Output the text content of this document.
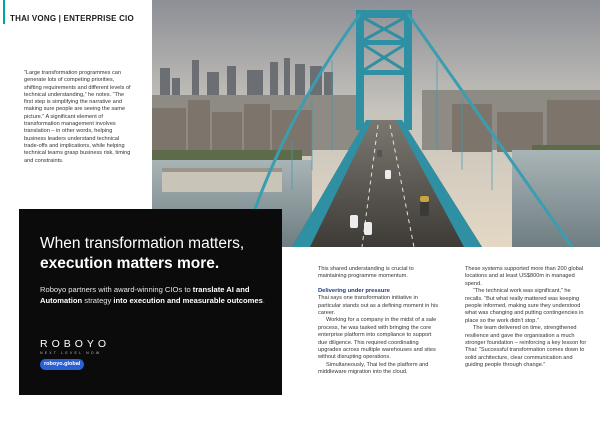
THAI VONG | ENTERPRISE CIO
“Large transformation programmes can generate lots of competing priorities, shifting requirements and different levels of technical understanding,” he notes. “The first step is simplifying the narrative and making sure people are seeing the same picture.” A significant element of transformation management involves translation – in other words, helping business leaders understand technical trade-offs and implications, while helping technical teams grasp business risk, timing and constraints.
When transformation matters,
execution matters more.
Roboyo partners with award-winning CIOs to translate AI and Automation strategy into execution and measurable outcomes.
ROBOYO
NEXT LEVEL NOW
roboyo.global
This shared understanding is crucial to maintaining programme momentum.
Delivering under pressure
Thai says one transformation initiative in particular stands out as a defining moment in his career.
Working for a company in the midst of a sale process, he was tasked with bringing the core enterprise platform into compliance to support due diligence. This required coordinating upgrades across multiple warehouses and sites without disrupting operations.
Simultaneously, Thai led the platform and middleware migration into the cloud.
These systems supported more than 200 global locations and at least US$800m in managed spend.
“The technical work was significant,” he recalls. “But what really mattered was keeping people informed, making sure they understood what was changing and putting contingencies in place so the work didn't stop.”
The team delivered on time, strengthened resilience and gave the organisation a much stronger foundation – reinforcing a key lesson for Thai: “Successful transformation comes down to solid architecture, clear communication and guiding people through change.”
